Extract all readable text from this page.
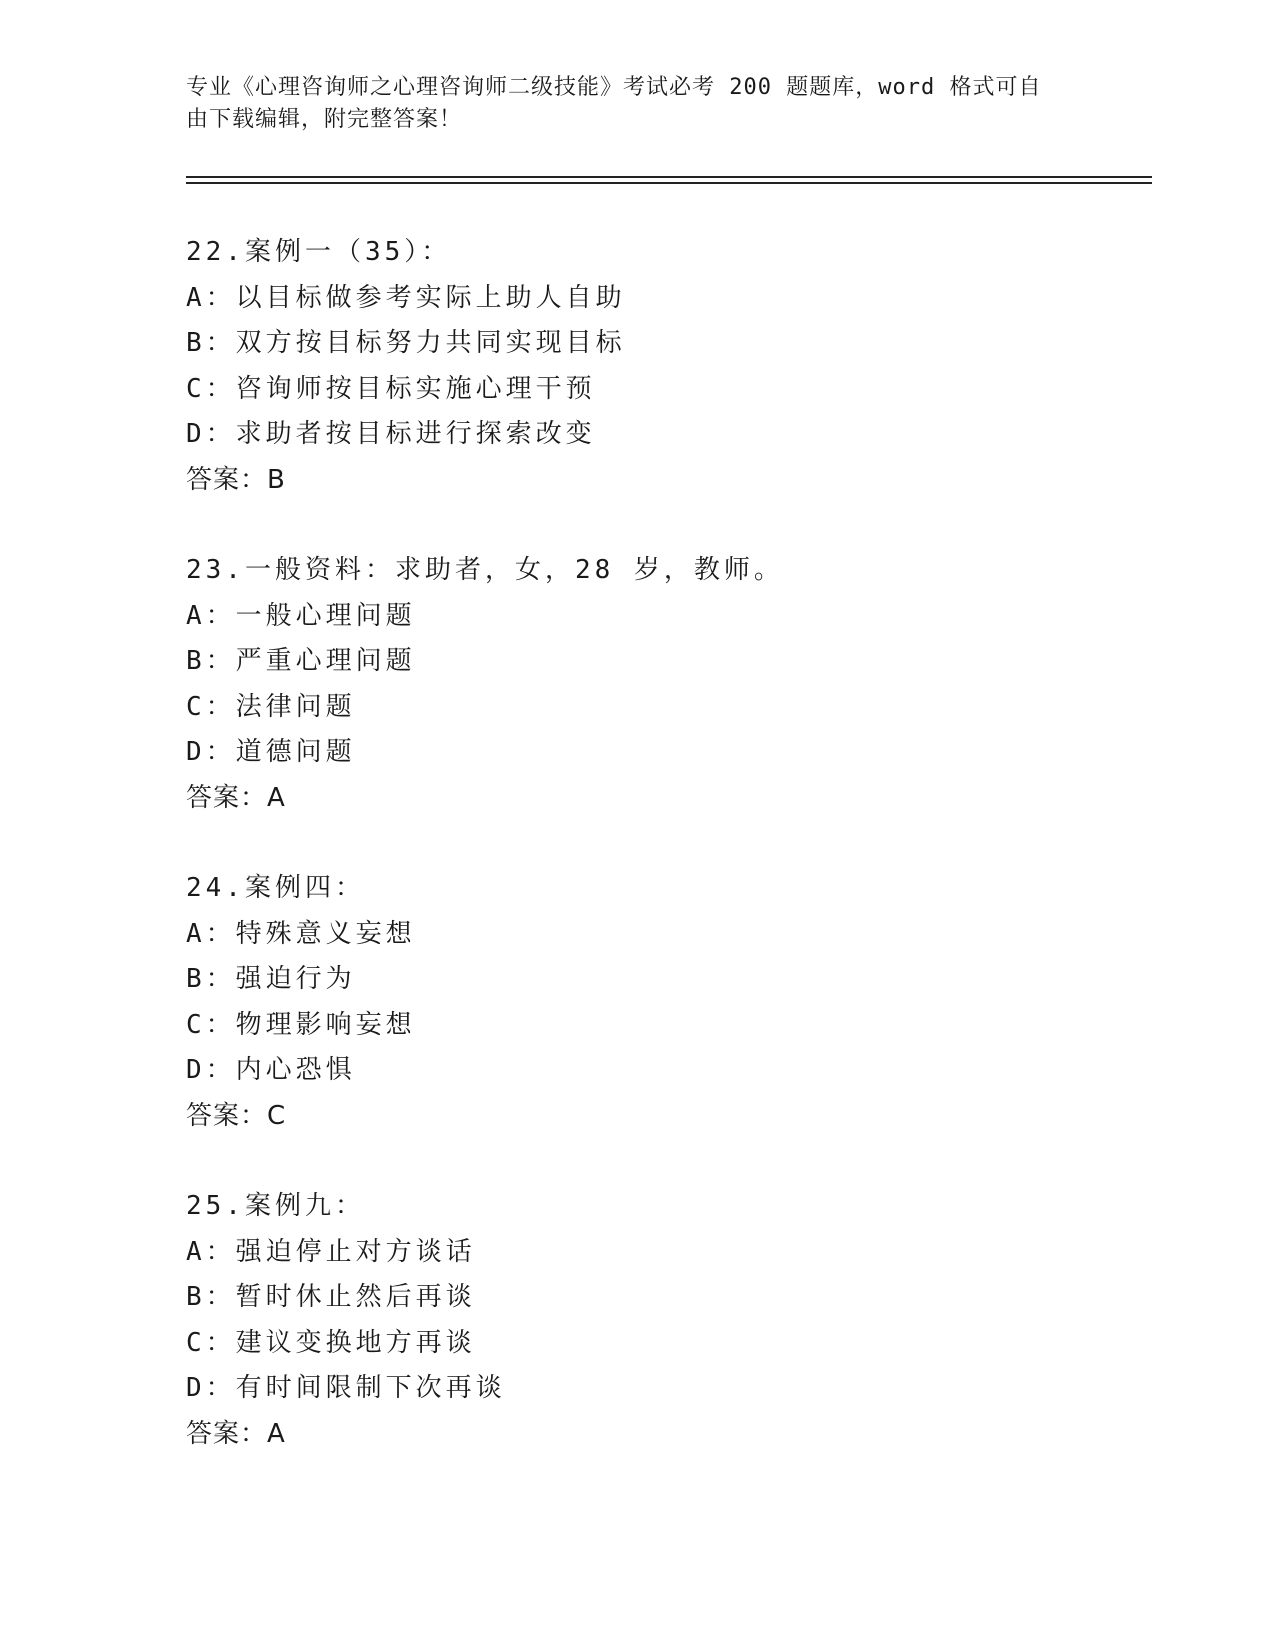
专业《心理咨询师之心理咨询师二级技能》考试必考 200 题题库，word 格式可自
由下载编辑，附完整答案！
22.案例一（35）：
A：以目标做参考实际上助人自助
B：双方按目标努力共同实现目标
C：咨询师按目标实施心理干预
D：求助者按目标进行探索改变
答案：B
23.一般资料：求助者，女，28 岁，教师。
A：一般心理问题
B：严重心理问题
C：法律问题
D：道德问题
答案：A
24.案例四：
A：特殊意义妄想
B：强迫行为
C：物理影响妄想
D：内心恐惧
答案：C
25.案例九：
A：强迫停止对方谈话
B：暂时休止然后再谈
C：建议变换地方再谈
D：有时间限制下次再谈
答案：A
